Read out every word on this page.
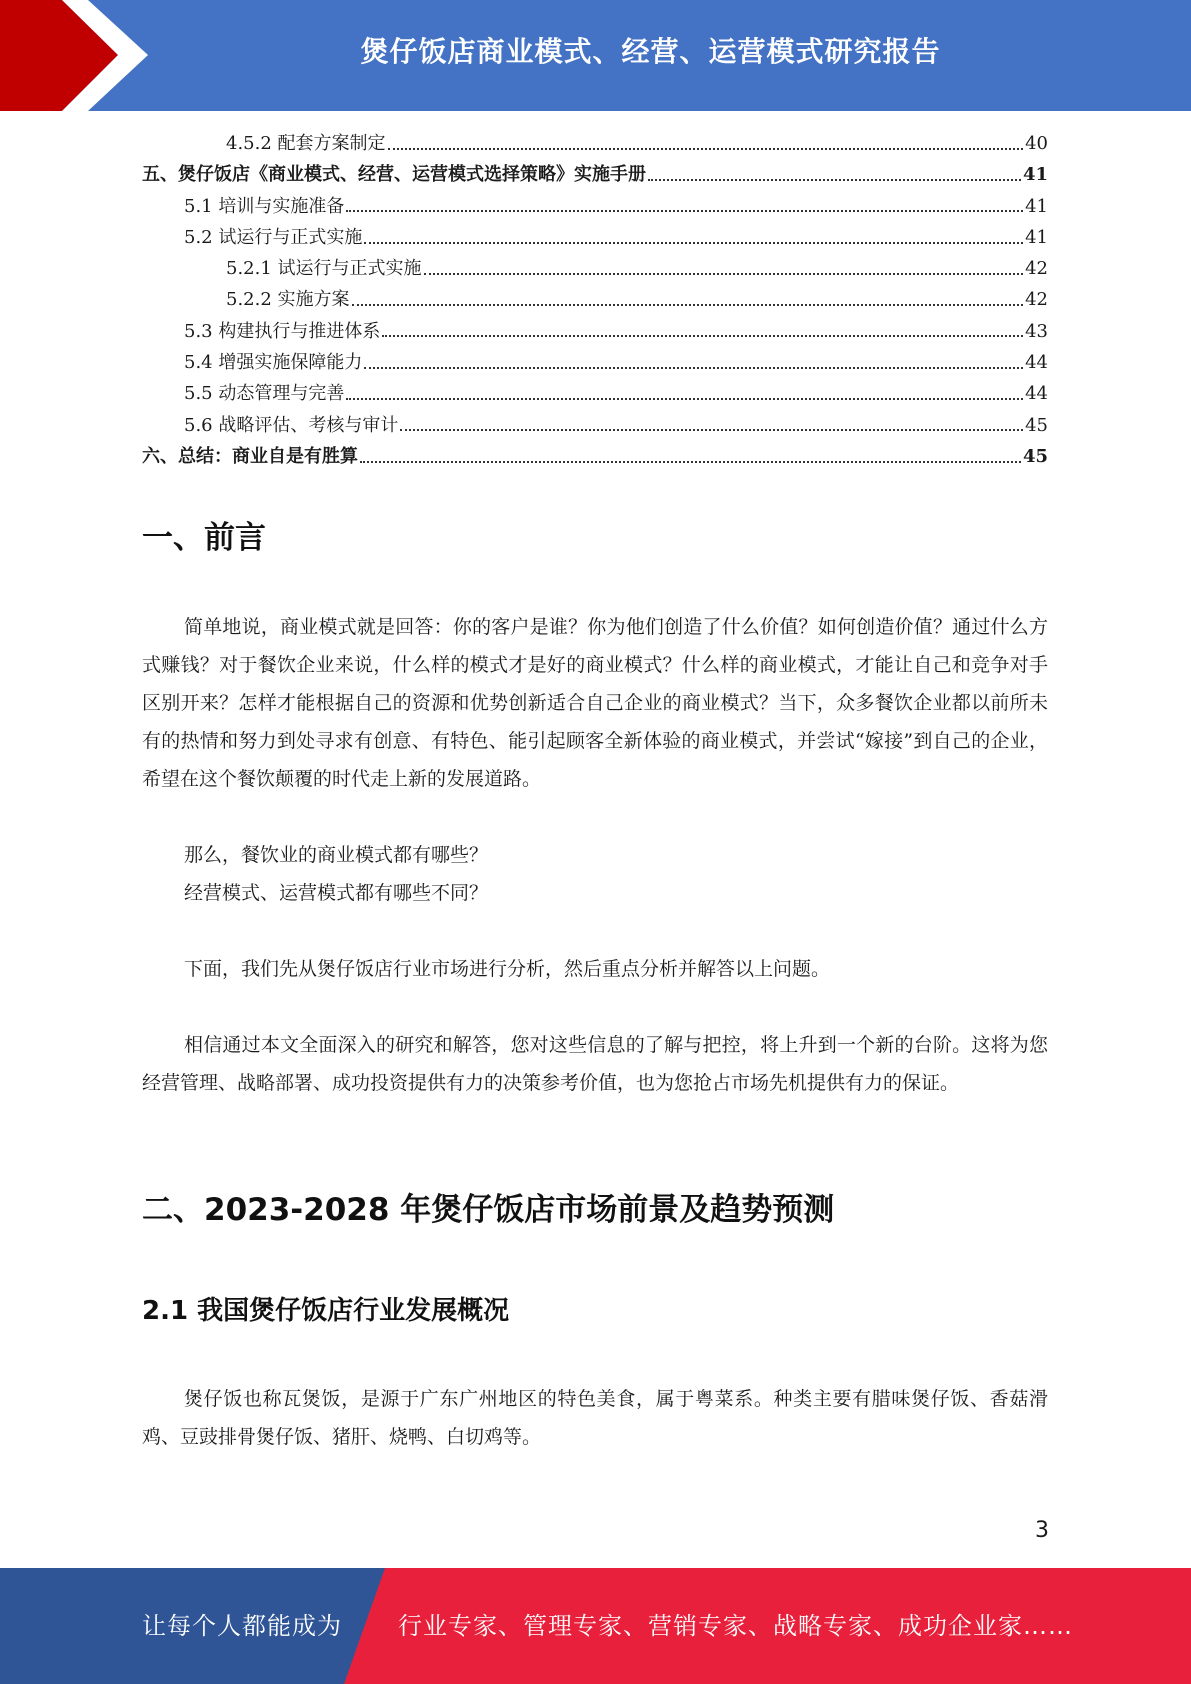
煲仔饭店商业模式、经营、运营模式研究报告
4.5.2 配套方案制定	40
五、煲仔饭店《商业模式、经营、运营模式选择策略》实施手册	41
5.1 培训与实施准备	41
5.2 试运行与正式实施	41
5.2.1 试运行与正式实施	42
5.2.2 实施方案	42
5.3 构建执行与推进体系	43
5.4 增强实施保障能力	44
5.5 动态管理与完善	44
5.6 战略评估、考核与审计	45
六、总结：商业自是有胜算	45
一、前言

简单地说，商业模式就是回答：你的客户是谁？你为他们创造了什么价值？如何创造价值？通过什么方式赚钱？对于餐饮企业来说，什么样的模式才是好的商业模式？什么样的商业模式，才能让自己和竞争对手区别开来？怎样才能根据自己的资源和优势创新适合自己企业的商业模式？当下，众多餐饮企业都以前所未有的热情和努力到处寻求有创意、有特色、能引起顾客全新体验的商业模式，并尝试“嫁接”到自己的企业，希望在这个餐饮颠覆的时代走上新的发展道路。

那么，餐饮业的商业模式都有哪些？

经营模式、运营模式都有哪些不同？

下面，我们先从煲仔饭店行业市场进行分析，然后重点分析并解答以上问题。

相信通过本文全面深入的研究和解答，您对这些信息的了解与把控，将上升到一个新的台阶。这将为您经营管理、战略部署、成功投资提供有力的决策参考价值，也为您抢占市场先机提供有力的保证。

二、2023-2028 年煲仔饭店市场前景及趋势预测
2.1 我国煲仔饭店行业发展概况

煲仔饭也称瓦煲饭，是源于广东广州地区的特色美食，属于粤菜系。种类主要有腊味煲仔饭、香菇滑鸡、豆豉排骨煲仔饭、猪肝、烧鸭、白切鸡等。

3
让每个人都能成为 行业专家、管理专家、营销专家、战略专家、成功企业家……
